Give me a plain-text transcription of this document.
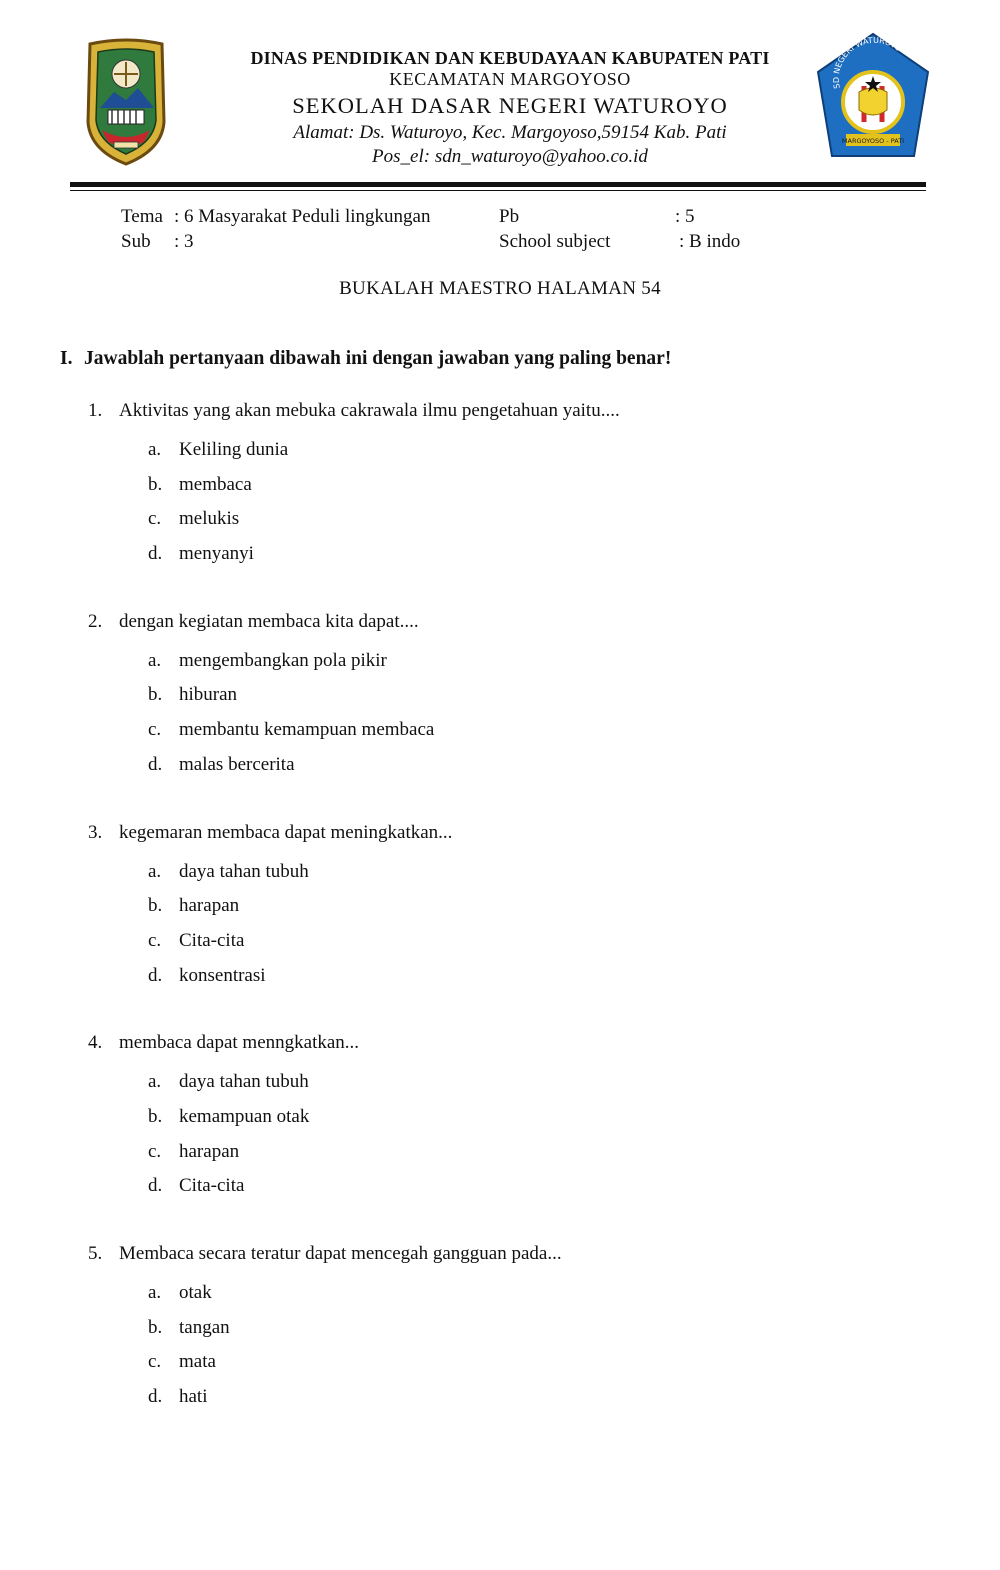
DINAS PENDIDIKAN DAN KEBUDAYAAN KABUPATEN PATI
KECAMATAN MARGOYOSO
SEKOLAH DASAR NEGERI WATUROYO
Alamat: Ds. Waturoyo, Kec. Margoyoso,59154 Kab. Pati
Pos_el: sdn_waturoyo@yahoo.co.id
SD NEGERI WATUROYO
MARGOYOSO - PATI
Tema : 6 Masyarakat Peduli lingkungan	Pb	: 5
Sub : 3	School subject	: B indo
BUKALAH MAESTRO HALAMAN 54
I. Jawablah pertanyaan dibawah ini dengan jawaban yang paling benar!
1. Aktivitas yang akan mebuka cakrawala ilmu pengetahuan yaitu....
a. Keliling dunia
b. membaca
c. melukis
d. menyanyi
2. dengan kegiatan membaca kita dapat....
a. mengembangkan pola pikir
b. hiburan
c. membantu kemampuan membaca
d. malas bercerita
3. kegemaran membaca dapat meningkatkan...
a. daya tahan tubuh
b. harapan
c. Cita-cita
d. konsentrasi
4. membaca dapat menngkatkan...
a. daya tahan tubuh
b. kemampuan otak
c. harapan
d. Cita-cita
5. Membaca secara teratur dapat mencegah gangguan pada...
a. otak
b. tangan
c. mata
d. hati
